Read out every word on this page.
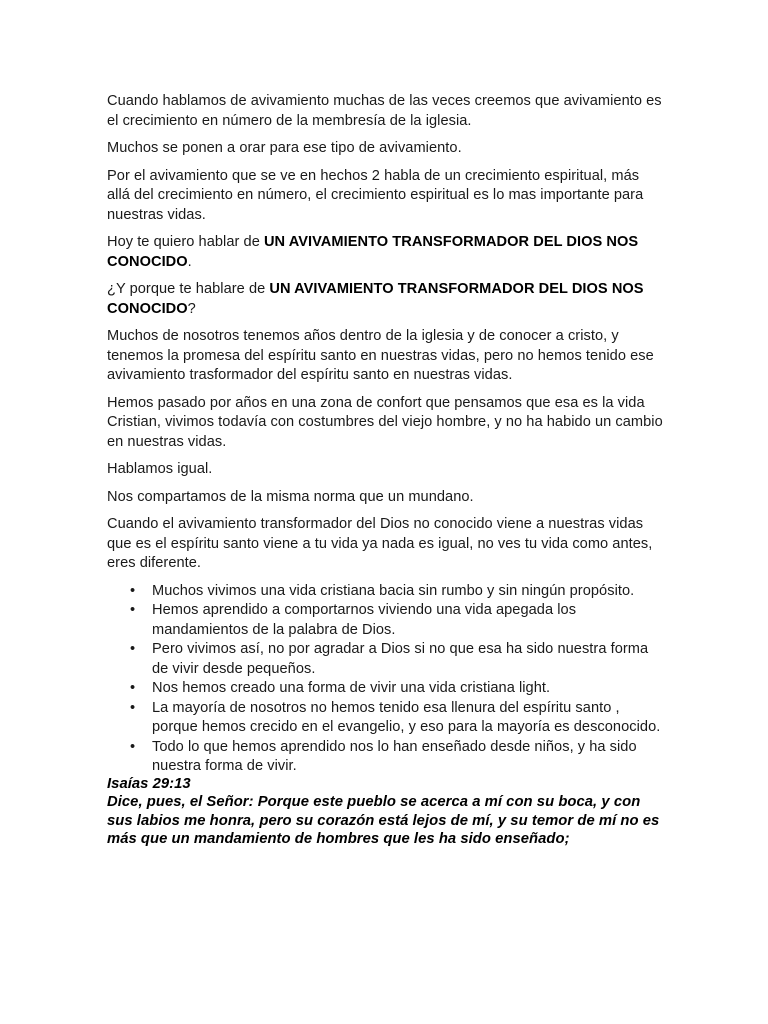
Cuando hablamos de avivamiento muchas de las veces creemos que avivamiento es el crecimiento en número de la membresía de la iglesia.

Muchos se ponen a orar para ese tipo de avivamiento.

Por el avivamiento que se ve en hechos 2 habla de un crecimiento espiritual, más allá del crecimiento en número, el crecimiento espiritual es lo mas importante para nuestras vidas.

Hoy te quiero hablar de UN AVIVAMIENTO TRANSFORMADOR DEL DIOS NOS CONOCIDO.

¿Y porque te hablare de UN AVIVAMIENTO TRANSFORMADOR DEL DIOS NOS CONOCIDO?

Muchos de nosotros tenemos años dentro de la iglesia y de conocer a cristo, y tenemos la promesa del espíritu santo en nuestras vidas, pero no hemos tenido ese avivamiento trasformador del espíritu santo en nuestras vidas.

Hemos pasado por años en una zona de confort que pensamos que esa es la vida Cristian, vivimos todavía con costumbres del viejo hombre, y no ha habido un cambio en nuestras vidas.

Hablamos igual.

Nos compartamos de la misma norma que un mundano.

Cuando el avivamiento transformador del Dios no conocido viene a nuestras vidas que es el espíritu santo viene a tu vida ya nada es igual, no ves tu vida como antes, eres diferente.

• Muchos vivimos una vida cristiana bacia sin rumbo y sin ningún propósito.
• Hemos aprendido a comportarnos viviendo una vida apegada los mandamientos de la palabra de Dios.
• Pero vivimos así, no por agradar a Dios si no que esa ha sido nuestra forma de vivir desde pequeños.
• Nos hemos creado una forma de vivir una vida cristiana light.
• La mayoría de nosotros no hemos tenido esa llenura del espíritu santo , porque hemos crecido en el evangelio, y eso para la mayoría es desconocido.
• Todo lo que hemos aprendido nos lo han enseñado desde niños, y ha sido nuestra forma de vivir.

Isaías 29:13

Dice, pues, el Señor: Porque este pueblo se acerca a mí con su boca, y con sus labios me honra, pero su corazón está lejos de mí, y su temor de mí no es más que un mandamiento de hombres que les ha sido enseñado;
